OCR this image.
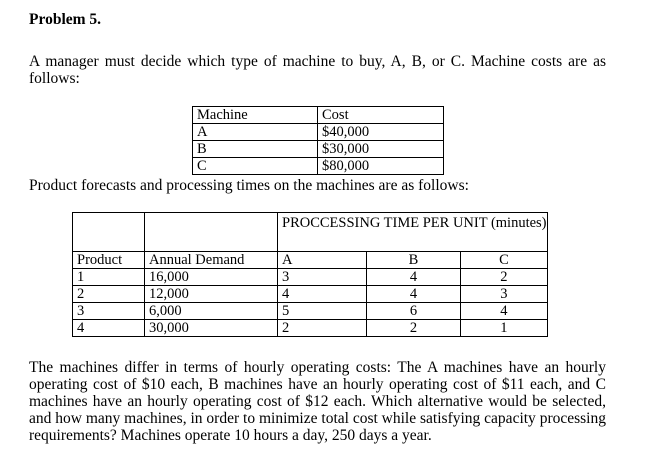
Problem 5.
A manager must decide which type of machine to buy, A, B, or C. Machine costs are as follows:
Machine	Cost
A	$40,000
B	$30,000
C	$80,000
Product forecasts and processing times on the machines are as follows:
		PROCCESSING TIME PER UNIT (minutes)		
Product	Annual Demand	A	B	C
1	16,000	3	4	2
2	12,000	4	4	3
3	6,000	5	6	4
4	30,000	2	2	1
The machines differ in terms of hourly operating costs: The A machines have an hourly operating cost of $10 each, B machines have an hourly operating cost of $11 each, and C machines have an hourly operating cost of $12 each. Which alternative would be selected, and how many machines, in order to minimize total cost while satisfying capacity processing requirements? Machines operate 10 hours a day, 250 days a year.
